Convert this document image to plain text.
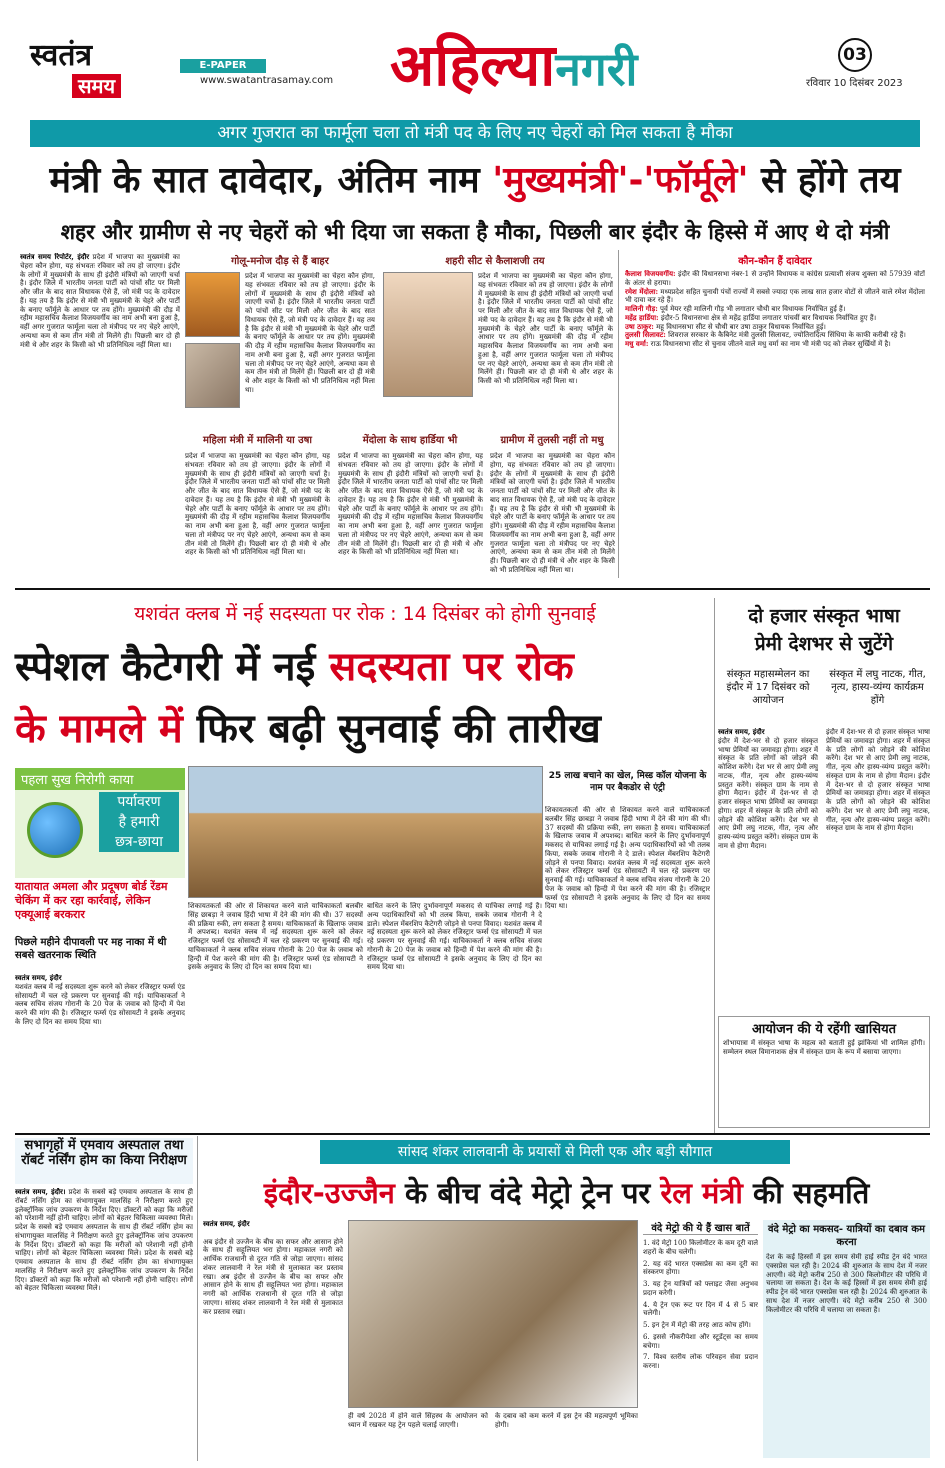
स्वतंत्र
समय
E-PAPER
www.swatantrasamay.com अहिल्यानगरी	03
रविवार 10 दिसंबर 2023
अगर गुजरात का फार्मूला चला तो मंत्री पद के लिए नए चेहरों को मिल सकता है मौका
मंत्री के सात दावेदार, अंतिम नाम 'मुख्यमंत्री'-'फॉर्मूले' से होंगे तय
शहर और ग्रामीण से नए चेहरों को भी दिया जा सकता है मौका, पिछली बार इंदौर के हिस्से में आए थे दो मंत्री
स्वतंत्र समय रिपोर्टर, इंदौर प्रदेश में भाजपा का मुख्यमंत्री का चेहरा कौन होगा, यह संभवतः रविवार को तय हो जाएगा। इंदौर के लोगों में मुख्यमंत्री के साथ ही इंदौरी मंत्रियों को जाएगी चर्चा है। इंदौर जिले में भारतीय जनता पार्टी को पांचों सीट पर मिली और जीत के बाद सात विधायक ऐसे हैं, जो मंत्री पद के दावेदार हैं। यह तय है कि इंदौर से मंत्री भी मुख्यमंत्री के चेहरे और पार्टी के बनाए फॉर्मूले के आधार पर तय होंगे। मुख्यमंत्री की दौड़ में रहीम महासचिव कैलाश विजयवर्गीय का नाम अभी बना हुआ है, वहीं अगर गुजरात फार्मूला चला तो मंत्रीपद पर नए चेहरे आएंगे, अन्यथा कम से कम तीन मंत्री तो मिलेंगे ही। पिछली बार दो ही मंत्री थे और शहर के किसी को भी प्रतिनिधित्व नहीं मिला था।
गोलू-मनोज दौड़ से हैं बाहर
प्रदेश में भाजपा का मुख्यमंत्री का चेहरा कौन होगा, यह संभवतः रविवार को तय हो जाएगा। इंदौर के लोगों में मुख्यमंत्री के साथ ही इंदौरी मंत्रियों को जाएगी चर्चा है। इंदौर जिले में भारतीय जनता पार्टी को पांचों सीट पर मिली और जीत के बाद सात विधायक ऐसे हैं, जो मंत्री पद के दावेदार हैं। यह तय है कि इंदौर से मंत्री भी मुख्यमंत्री के चेहरे और पार्टी के बनाए फॉर्मूले के आधार पर तय होंगे। मुख्यमंत्री की दौड़ में रहीम महासचिव कैलाश विजयवर्गीय का नाम अभी बना हुआ है, वहीं अगर गुजरात फार्मूला चला तो मंत्रीपद पर नए चेहरे आएंगे, अन्यथा कम से कम तीन मंत्री तो मिलेंगे ही। पिछली बार दो ही मंत्री थे और शहर के किसी को भी प्रतिनिधित्व नहीं मिला था।
शहरी सीट से कैलाशजी तय
प्रदेश में भाजपा का मुख्यमंत्री का चेहरा कौन होगा, यह संभवतः रविवार को तय हो जाएगा। इंदौर के लोगों में मुख्यमंत्री के साथ ही इंदौरी मंत्रियों को जाएगी चर्चा है। इंदौर जिले में भारतीय जनता पार्टी को पांचों सीट पर मिली और जीत के बाद सात विधायक ऐसे हैं, जो मंत्री पद के दावेदार हैं। यह तय है कि इंदौर से मंत्री भी मुख्यमंत्री के चेहरे और पार्टी के बनाए फॉर्मूले के आधार पर तय होंगे। मुख्यमंत्री की दौड़ में रहीम महासचिव कैलाश विजयवर्गीय का नाम अभी बना हुआ है, वहीं अगर गुजरात फार्मूला चला तो मंत्रीपद पर नए चेहरे आएंगे, अन्यथा कम से कम तीन मंत्री तो मिलेंगे ही। पिछली बार दो ही मंत्री थे और शहर के किसी को भी प्रतिनिधित्व नहीं मिला था।
कौन-कौन हैं दावेदार
कैलाश विजयवर्गीय: इंदौर की विधानसभा नंबर-1 से उन्होंने विधायक व कांग्रेस प्रत्याशी संजय शुक्ला को 57939 वोटों के अंतर से हराया।
रमेश मेंदोला: मध्यप्रदेश सहित चुनावी पंचों राज्यों में सबसे ज्यादा एक लाख सात हजार वोटों से जीतने वाले रमेश मेंदोला भी दावा कर रहे हैं।
मालिनी गौड़: पूर्व मेयर रही मालिनी गौड़ भी लगातार चौथी बार विधायक निर्वाचित हुई हैं।
महेंद्र हार्डिया: इंदौर-5 विधानसभा क्षेत्र से महेंद्र हार्डिया लगातार पांचवीं बार विधायक निर्वाचित हुए हैं।
उषा ठाकुर: महू विधानसभा सीट से चौथी बार उषा ठाकुर विधायक निर्वाचित हुई।
तुलसी सिलावट: शिवराज सरकार के कैबिनेट मंत्री तुलसी सिलावट, ज्योतिरादित्य सिंधिया के काफी करीबी रहे हैं।
मधु वर्मा: राऊ विधानसभा सीट से चुनाव जीतने वाले मधु वर्मा का नाम भी मंत्री पद को लेकर सुर्खियों में है।
महिला मंत्री में मालिनी या उषा
प्रदेश में भाजपा का मुख्यमंत्री का चेहरा कौन होगा, यह संभवतः रविवार को तय हो जाएगा। इंदौर के लोगों में मुख्यमंत्री के साथ ही इंदौरी मंत्रियों को जाएगी चर्चा है। इंदौर जिले में भारतीय जनता पार्टी को पांचों सीट पर मिली और जीत के बाद सात विधायक ऐसे हैं, जो मंत्री पद के दावेदार हैं। यह तय है कि इंदौर से मंत्री भी मुख्यमंत्री के चेहरे और पार्टी के बनाए फॉर्मूले के आधार पर तय होंगे। मुख्यमंत्री की दौड़ में रहीम महासचिव कैलाश विजयवर्गीय का नाम अभी बना हुआ है, वहीं अगर गुजरात फार्मूला चला तो मंत्रीपद पर नए चेहरे आएंगे, अन्यथा कम से कम तीन मंत्री तो मिलेंगे ही। पिछली बार दो ही मंत्री थे और शहर के किसी को भी प्रतिनिधित्व नहीं मिला था।
मेंदोला के साथ हार्डिया भी
प्रदेश में भाजपा का मुख्यमंत्री का चेहरा कौन होगा, यह संभवतः रविवार को तय हो जाएगा। इंदौर के लोगों में मुख्यमंत्री के साथ ही इंदौरी मंत्रियों को जाएगी चर्चा है। इंदौर जिले में भारतीय जनता पार्टी को पांचों सीट पर मिली और जीत के बाद सात विधायक ऐसे हैं, जो मंत्री पद के दावेदार हैं। यह तय है कि इंदौर से मंत्री भी मुख्यमंत्री के चेहरे और पार्टी के बनाए फॉर्मूले के आधार पर तय होंगे। मुख्यमंत्री की दौड़ में रहीम महासचिव कैलाश विजयवर्गीय का नाम अभी बना हुआ है, वहीं अगर गुजरात फार्मूला चला तो मंत्रीपद पर नए चेहरे आएंगे, अन्यथा कम से कम तीन मंत्री तो मिलेंगे ही। पिछली बार दो ही मंत्री थे और शहर के किसी को भी प्रतिनिधित्व नहीं मिला था।
ग्रामीण में तुलसी नहीं तो मधु
प्रदेश में भाजपा का मुख्यमंत्री का चेहरा कौन होगा, यह संभवतः रविवार को तय हो जाएगा। इंदौर के लोगों में मुख्यमंत्री के साथ ही इंदौरी मंत्रियों को जाएगी चर्चा है। इंदौर जिले में भारतीय जनता पार्टी को पांचों सीट पर मिली और जीत के बाद सात विधायक ऐसे हैं, जो मंत्री पद के दावेदार हैं। यह तय है कि इंदौर से मंत्री भी मुख्यमंत्री के चेहरे और पार्टी के बनाए फॉर्मूले के आधार पर तय होंगे। मुख्यमंत्री की दौड़ में रहीम महासचिव कैलाश विजयवर्गीय का नाम अभी बना हुआ है, वहीं अगर गुजरात फार्मूला चला तो मंत्रीपद पर नए चेहरे आएंगे, अन्यथा कम से कम तीन मंत्री तो मिलेंगे ही। पिछली बार दो ही मंत्री थे और शहर के किसी को भी प्रतिनिधित्व नहीं मिला था।
यशवंत क्लब में नई सदस्यता पर रोक : 14 दिसंबर को होगी सुनवाई
स्पेशल कैटेगरी में नई सदस्यता पर रोक
के मामले में फिर बढ़ी सुनवाई की तारीख
पहला सुख निरोगी काया
पर्यावरण
है हमारी
छत्र-छाया
यातायात अमला और प्रदूषण बोर्ड रेंडम चेकिंग में कर रहा कार्रवाई, लेकिन एक्यूआई बरकरार
पिछले महीने दीपावली पर मह नाका में थी सबसे खतरनाक स्थिति
स्वतंत्र समय, इंदौर
यशवंत क्लब में नई सदस्यता शुरू करने को लेकर रजिस्ट्रार फर्म्स एंड सोसायटी में चल रहे प्रकरण पर सुनवाई की गई। याचिकाकर्ता ने क्लब सचिव संजय गोरानी के 20 पेज के जवाब को हिन्दी में पेश करने की मांग की है। रजिस्ट्रार फर्म्स एंड सोसायटी ने इसके अनुवाद के लिए दो दिन का समय दिया था।
शिकायतकर्ता की ओर से शिकायत करने वाले याचिकाकर्ता बलबीर सिंह छाबड़ा ने जवाब हिंदी भाषा में देने की मांग की थी। 37 सदस्यों की प्रक्रिया रुकी, लग सकता है समय। याचिकाकर्ता के खिलाफ जवाब में अपशब्द। यशवंत क्लब में नई सदस्यता शुरू करने को लेकर रजिस्ट्रार फर्म्स एंड सोसायटी में चल रहे प्रकरण पर सुनवाई की गई। याचिकाकर्ता ने क्लब सचिव संजय गोरानी के 20 पेज के जवाब को हिन्दी में पेश करने की मांग की है। रजिस्ट्रार फर्म्स एंड सोसायटी ने इसके अनुवाद के लिए दो दिन का समय दिया था।
बाधित करने के लिए दुर्भावनापूर्ण मकसद से याचिका लगाई गई है। अन्य पदाधिकारियों को भी तलब किया, सबके जवाब गोरानी ने दे डाले। स्पेशल मेंबरशिप कैटेगरी जोड़ने से पनपा विवाद। यशवंत क्लब में नई सदस्यता शुरू करने को लेकर रजिस्ट्रार फर्म्स एंड सोसायटी में चल रहे प्रकरण पर सुनवाई की गई। याचिकाकर्ता ने क्लब सचिव संजय गोरानी के 20 पेज के जवाब को हिन्दी में पेश करने की मांग की है। रजिस्ट्रार फर्म्स एंड सोसायटी ने इसके अनुवाद के लिए दो दिन का समय दिया था।
25 लाख बचाने का खेल, मिस्ड कॉल योजना के नाम पर बैकडोर से एंट्री
शिकायतकर्ता की ओर से शिकायत करने वाले याचिकाकर्ता बलबीर सिंह छाबड़ा ने जवाब हिंदी भाषा में देने की मांग की थी। 37 सदस्यों की प्रक्रिया रुकी, लग सकता है समय। याचिकाकर्ता के खिलाफ जवाब में अपशब्द। बाधित करने के लिए दुर्भावनापूर्ण मकसद से याचिका लगाई गई है। अन्य पदाधिकारियों को भी तलब किया, सबके जवाब गोरानी ने दे डाले। स्पेशल मेंबरशिप कैटेगरी जोड़ने से पनपा विवाद। यशवंत क्लब में नई सदस्यता शुरू करने को लेकर रजिस्ट्रार फर्म्स एंड सोसायटी में चल रहे प्रकरण पर सुनवाई की गई। याचिकाकर्ता ने क्लब सचिव संजय गोरानी के 20 पेज के जवाब को हिन्दी में पेश करने की मांग की है। रजिस्ट्रार फर्म्स एंड सोसायटी ने इसके अनुवाद के लिए दो दिन का समय दिया था।
दो हजार संस्कृत भाषा
प्रेमी देशभर से जुटेंगे
संस्कृत महासम्मेलन का इंदौर में 17 दिसंबर को आयोजन
संस्कृत में लघु नाटक, गीत, नृत्य, हास्य-व्यंग्य कार्यक्रम होंगे
स्वतंत्र समय, इंदौर
इंदौर में देश-भर से दो हजार संस्कृत भाषा प्रेमियों का जमावड़ा होगा। शहर में संस्कृत के प्रति लोगों को जोड़ने की कोशिश करेंगे। देश भर से आए प्रेमी लघु नाटक, गीत, नृत्य और हास्य-व्यंग्य प्रस्तुत करेंगे। संस्कृत ग्राम के नाम से होगा मैदान। इंदौर में देश-भर से दो हजार संस्कृत भाषा प्रेमियों का जमावड़ा होगा। शहर में संस्कृत के प्रति लोगों को जोड़ने की कोशिश करेंगे। देश भर से आए प्रेमी लघु नाटक, गीत, नृत्य और हास्य-व्यंग्य प्रस्तुत करेंगे। संस्कृत ग्राम के नाम से होगा मैदान।
इंदौर में देश-भर से दो हजार संस्कृत भाषा प्रेमियों का जमावड़ा होगा। शहर में संस्कृत के प्रति लोगों को जोड़ने की कोशिश करेंगे। देश भर से आए प्रेमी लघु नाटक, गीत, नृत्य और हास्य-व्यंग्य प्रस्तुत करेंगे। संस्कृत ग्राम के नाम से होगा मैदान। इंदौर में देश-भर से दो हजार संस्कृत भाषा प्रेमियों का जमावड़ा होगा। शहर में संस्कृत के प्रति लोगों को जोड़ने की कोशिश करेंगे। देश भर से आए प्रेमी लघु नाटक, गीत, नृत्य और हास्य-व्यंग्य प्रस्तुत करेंगे। संस्कृत ग्राम के नाम से होगा मैदान।
आयोजन की ये रहेंगी खासियत
शोभायात्रा में संस्कृत भाषा के महत्व को बताती हुई झांकियां भी शामिल होंगी। सम्मेलन स्थल विमानाशक क्षेत्र में संस्कृत ग्राम के रूप में बसाया जाएगा।
सभागृहों में एमवाय अस्पताल तथा रॉबर्ट नर्सिंग होम का किया निरीक्षण
स्वतंत्र समय, इंदौर। प्रदेश के सबसे बड़े एमवाय अस्पताल के साथ ही रॉबर्ट नर्सिंग होम का संभागायुक्त मालसिंह ने निरीक्षण करते हुए इलेक्ट्रॉनिक जांच उपकरण के निर्देश दिए। डॉक्टरों को कहा कि मरीजों को परेशानी नहीं होनी चाहिए। लोगों को बेहतर चिकित्सा व्यवस्था मिले। प्रदेश के सबसे बड़े एमवाय अस्पताल के साथ ही रॉबर्ट नर्सिंग होम का संभागायुक्त मालसिंह ने निरीक्षण करते हुए इलेक्ट्रॉनिक जांच उपकरण के निर्देश दिए। डॉक्टरों को कहा कि मरीजों को परेशानी नहीं होनी चाहिए। लोगों को बेहतर चिकित्सा व्यवस्था मिले। प्रदेश के सबसे बड़े एमवाय अस्पताल के साथ ही रॉबर्ट नर्सिंग होम का संभागायुक्त मालसिंह ने निरीक्षण करते हुए इलेक्ट्रॉनिक जांच उपकरण के निर्देश दिए। डॉक्टरों को कहा कि मरीजों को परेशानी नहीं होनी चाहिए। लोगों को बेहतर चिकित्सा व्यवस्था मिले।
सांसद शंकर लालवानी के प्रयासों से मिली एक और बड़ी सौगात
इंदौर-उज्जैन के बीच वंदे मेट्रो ट्रेन पर रेल मंत्री की सहमति
स्वतंत्र समय, इंदौर

अब इंदौर से उज्जैन के बीच का सफर और आसान होने के साथ ही सहूलियत भरा होगा। महाकाल नगरी को आर्थिक राजधानी से दूरत गति से जोड़ा जाएगा। सांसद शंकर लालवानी ने रेल मंत्री से मुलाकात कर प्रस्ताव रखा। अब इंदौर से उज्जैन के बीच का सफर और आसान होने के साथ ही सहूलियत भरा होगा। महाकाल नगरी को आर्थिक राजधानी से दूरत गति से जोड़ा जाएगा। सांसद शंकर लालवानी ने रेल मंत्री से मुलाकात कर प्रस्ताव रखा।
ही वर्ष 2028 में होने वाले सिंहस्थ के आयोजन को ध्यान में रखकर यह ट्रेन पहले चलाई जाएगी।
के दबाव को कम करने में इस ट्रेन की महत्वपूर्ण भूमिका होगी।
वंदे मेट्रो की ये हैं खास बातें
1. वंदे मेट्रो 100 किलोमीटर के कम दूरी वाले शहरों के बीच चलेगी।
2. यह वंदे भारत एक्सप्रेस का कम दूरी का संस्करण होगा।
3. यह ट्रेन यात्रियों को फ्लाइट जैसा अनुभव प्रदान करेगी।
4. ये ट्रेन एक रूट पर दिन में 4 से 5 बार चलेगी।
5. इन ट्रेन में मेट्रो की तरह आठ कोच होंगे।
6. इससे नौकरीपेशा और स्टूडेंट्स का समय बचेगा।
7. विश्व स्तरीय लोक परिवहन सेवा प्रदान करना।
वंदे मेट्रो का मकसद- यात्रियों का दबाव कम करना
देश के कई हिस्सों में इस समय सेमी हाई स्पीड ट्रेन वंदे भारत एक्सप्रेस चल रही है। 2024 की शुरुआत के साथ देश में नजर आएगी। वंदे मेट्रो करीब 250 से 300 किलोमीटर की परिधि में चलाया जा सकता है। देश के कई हिस्सों में इस समय सेमी हाई स्पीड ट्रेन वंदे भारत एक्सप्रेस चल रही है। 2024 की शुरुआत के साथ देश में नजर आएगी। वंदे मेट्रो करीब 250 से 300 किलोमीटर की परिधि में चलाया जा सकता है।
